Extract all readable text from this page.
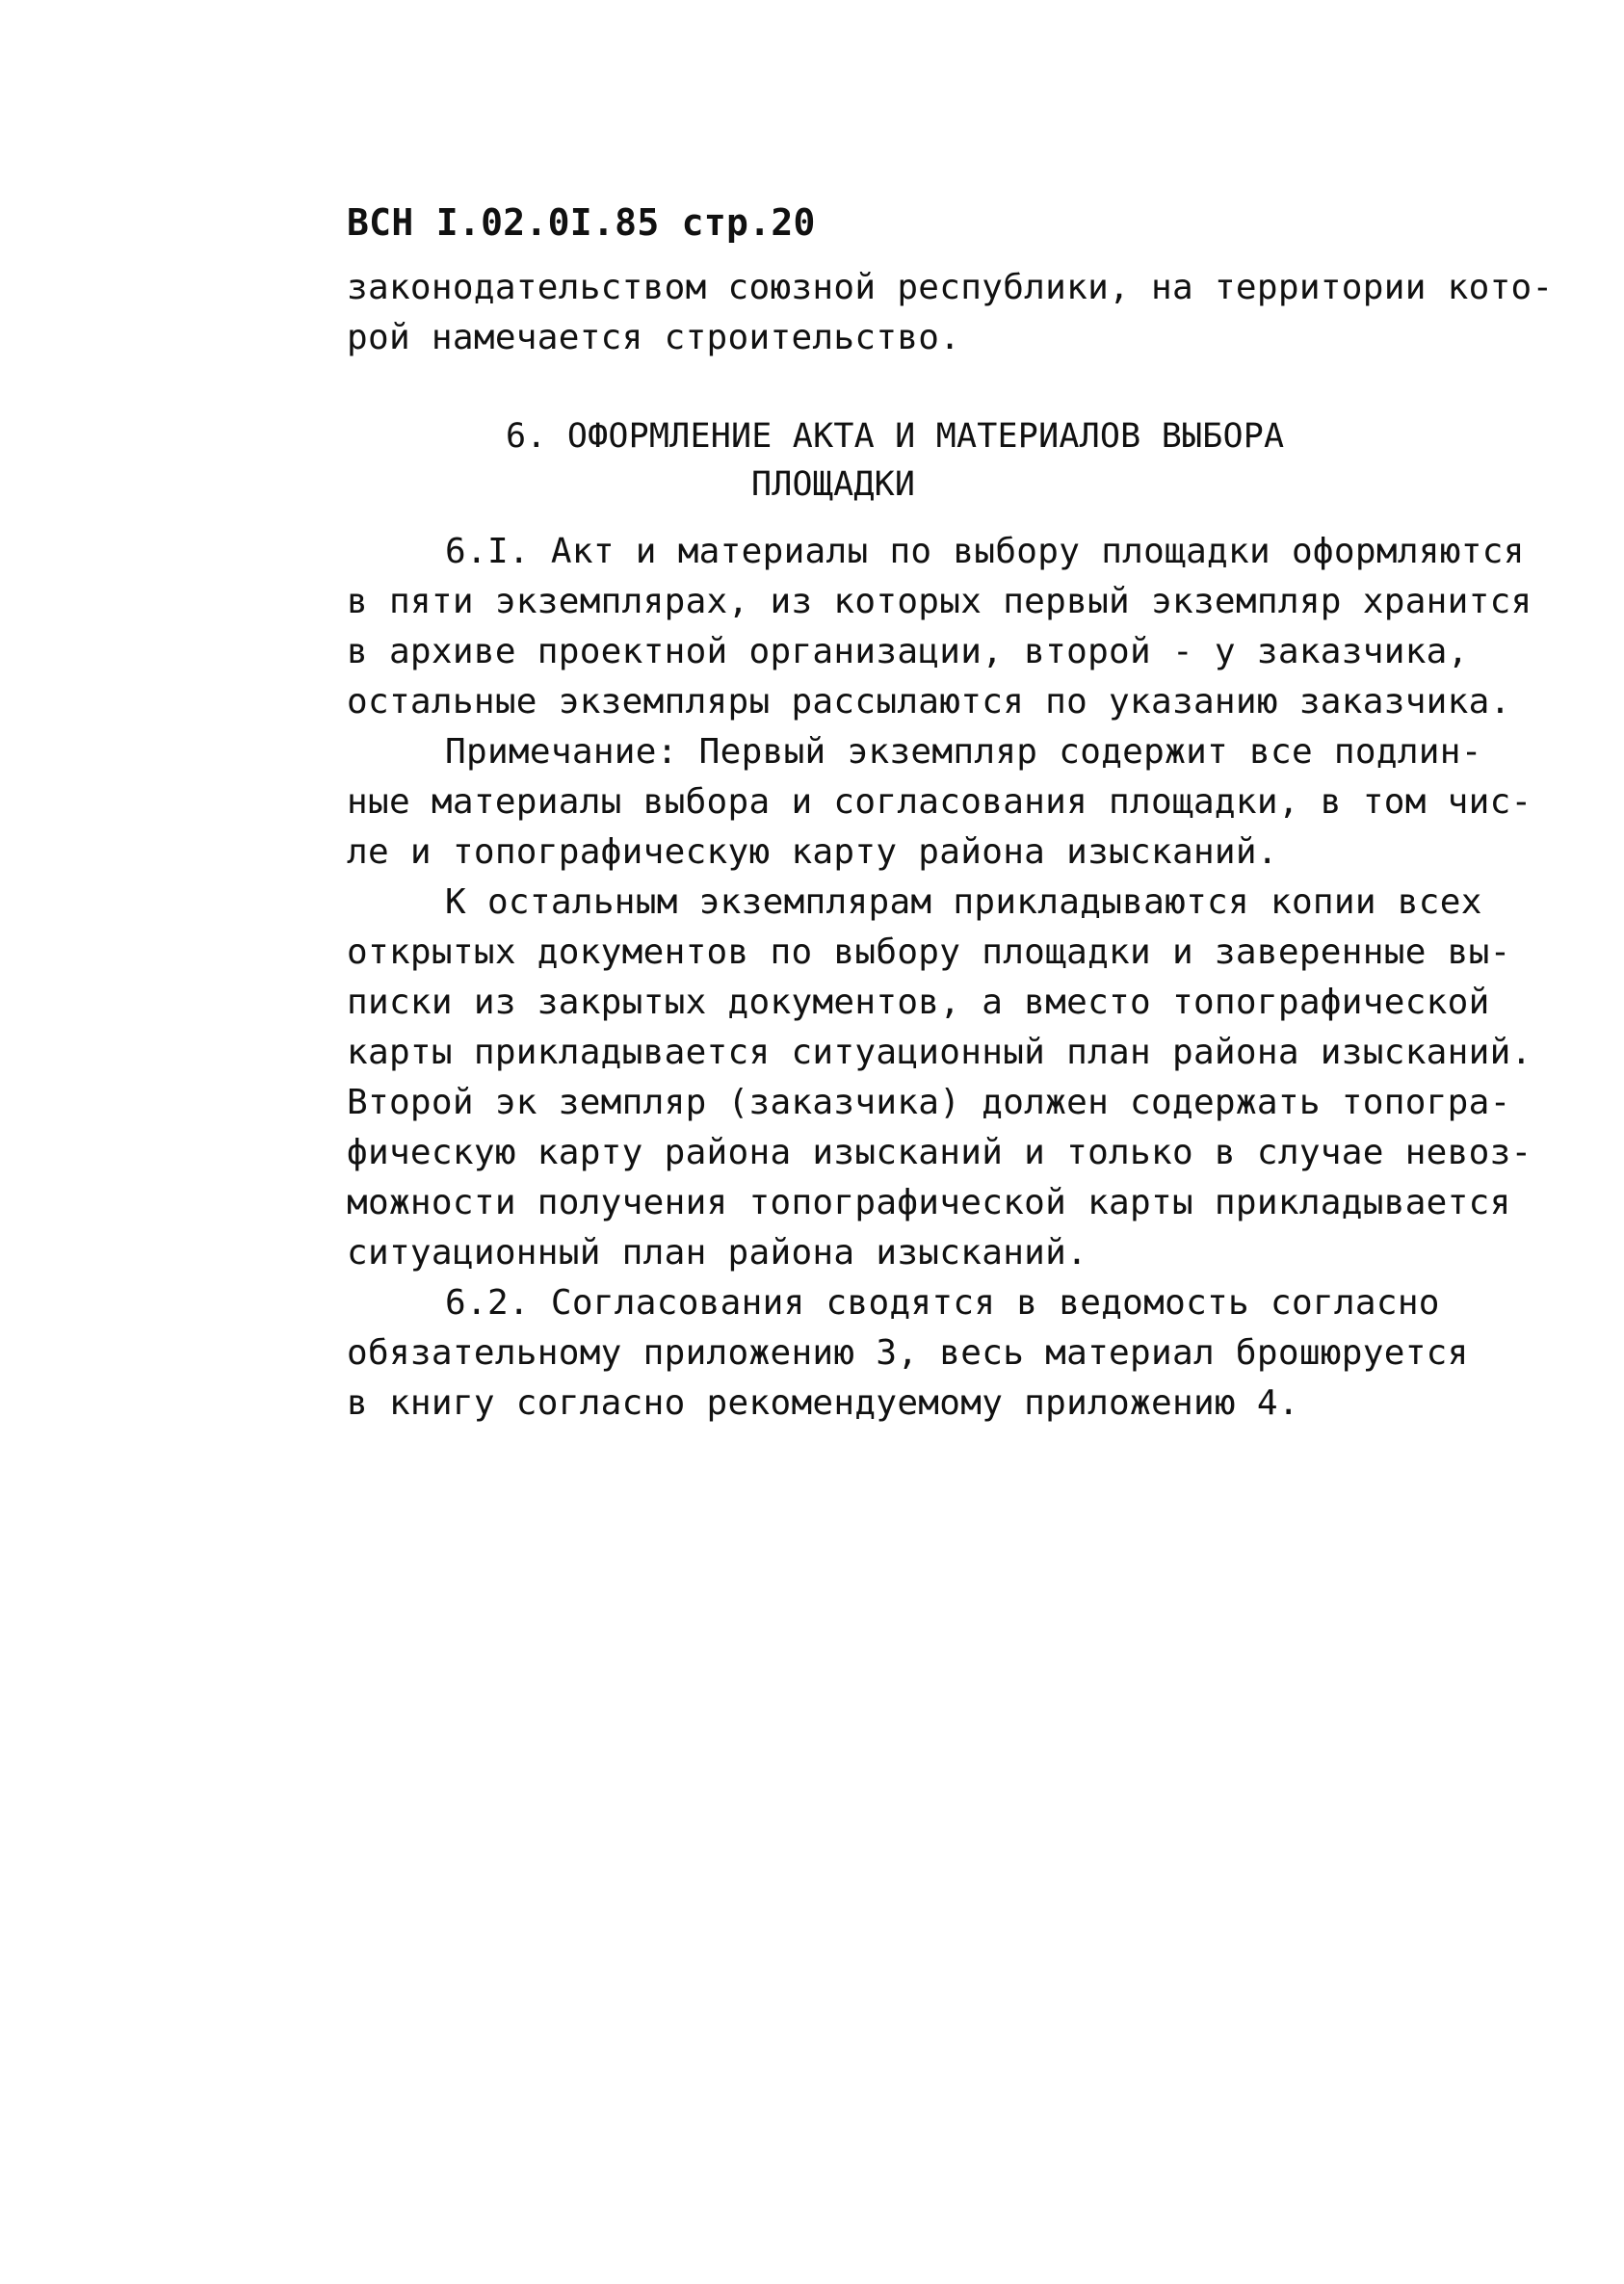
ВСН I.02.0I.85 стр.20
законодательством союзной республики, на территории кото-
рой намечается строительство.
6. ОФОРМЛЕНИЕ АКТА И МАТЕРИАЛОВ ВЫБОРА
ПЛОЩАДКИ
6.I. Акт и материалы по выбору площадки оформляются
в пяти экземплярах, из которых первый экземпляр хранится
в архиве проектной организации, второй - у заказчика,
остальные экземпляры рассылаются по указанию заказчика.
Примечание: Первый экземпляр содержит все подлин-
ные материалы выбора и согласования площадки, в том чис-
ле и топографическую карту района изысканий.
К остальным экземплярам прикладываются копии всех
открытых документов по выбору площадки и заверенные вы-
писки из закрытых документов, а вместо топографической
карты прикладывается ситуационный план района изысканий.
Второй эк земпляр (заказчика) должен содержать топогра-
фическую карту района изысканий и только в случае невоз-
можности получения топографической карты прикладывается
ситуационный план района изысканий.
6.2. Согласования сводятся в ведомость согласно
обязательному приложению 3, весь материал брошюруется
в книгу согласно рекомендуемому приложению 4.
